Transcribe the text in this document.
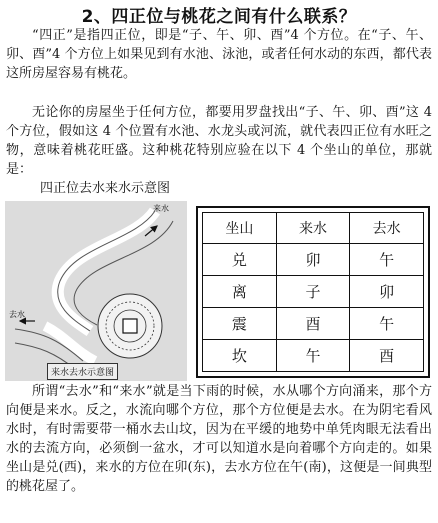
2、四正位与桃花之间有什么联系？

“四正”是指四正位，即是“子、午、卯、酉”4 个方位。在“子、午、卯、酉”4 个方位上如果见到有水池、泳池，或者任何水动的东西，都代表这所房屋容易有桃花。

无论你的房屋坐于任何方位，都要用罗盘找出“子、午、卯、酉”这 4 个方位，假如这 4 个位置有水池、水龙头或河流，就代表四正位有水旺之物，意味着桃花旺盛。这种桃花特别应验在以下 4 个坐山的单位，那就是：

四正位去水来水示意图
来水
去水
来水去水示意图
坐山	来水	去水
兑	卯	午
离	子	卯
震	酉	午
坎	午	酉

所谓“去水”和“来水”就是当下雨的时候，水从哪个方向涌来，那个方向便是来水。反之，水流向哪个方位，那个方位便是去水。在为阴宅看风水时，有时需要带一桶水去山坟，因为在平缓的地势中单凭肉眼无法看出水的去流方向，必须倒一盆水，才可以知道水是向着哪个方向走的。如果坐山是兑(西)，来水的方位在卯(东)，去水方位在午(南)，这便是一间典型的桃花屋了。
